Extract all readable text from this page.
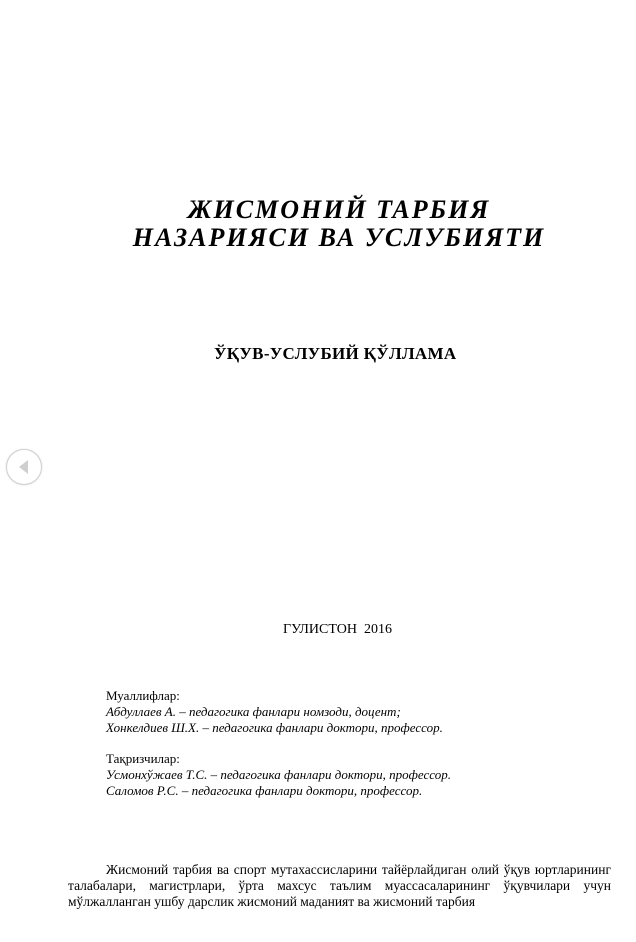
ЖИСМОНИЙ ТАРБИЯ
НАЗАРИЯСИ ВА УСЛУБИЯТИ
ЎҚУВ-УСЛУБИЙ ҚЎЛЛАМА
ГУЛИСТОН  2016
Муаллифлар:
Абдуллаев А. – педагогика фанлари номзоди, доцент;
Хонкелдиев Ш.Х. – педагогика фанлари доктори, профессор.
Тақризчилар:
Усмонхўжаев Т.С. – педагогика фанлари доктори, профессор.
Саломов Р.С. – педагогика фанлари доктори, профессор.

Жисмоний тарбия ва спорт мутахассисларини тайёрлайдиган олий ўқув юртларининг талабалари, магистрлари, ўрта махсус таълим муассасаларининг ўқувчилари учун мўлжалланган ушбу дарслик жисмоний маданият ва жисмоний тарбия
